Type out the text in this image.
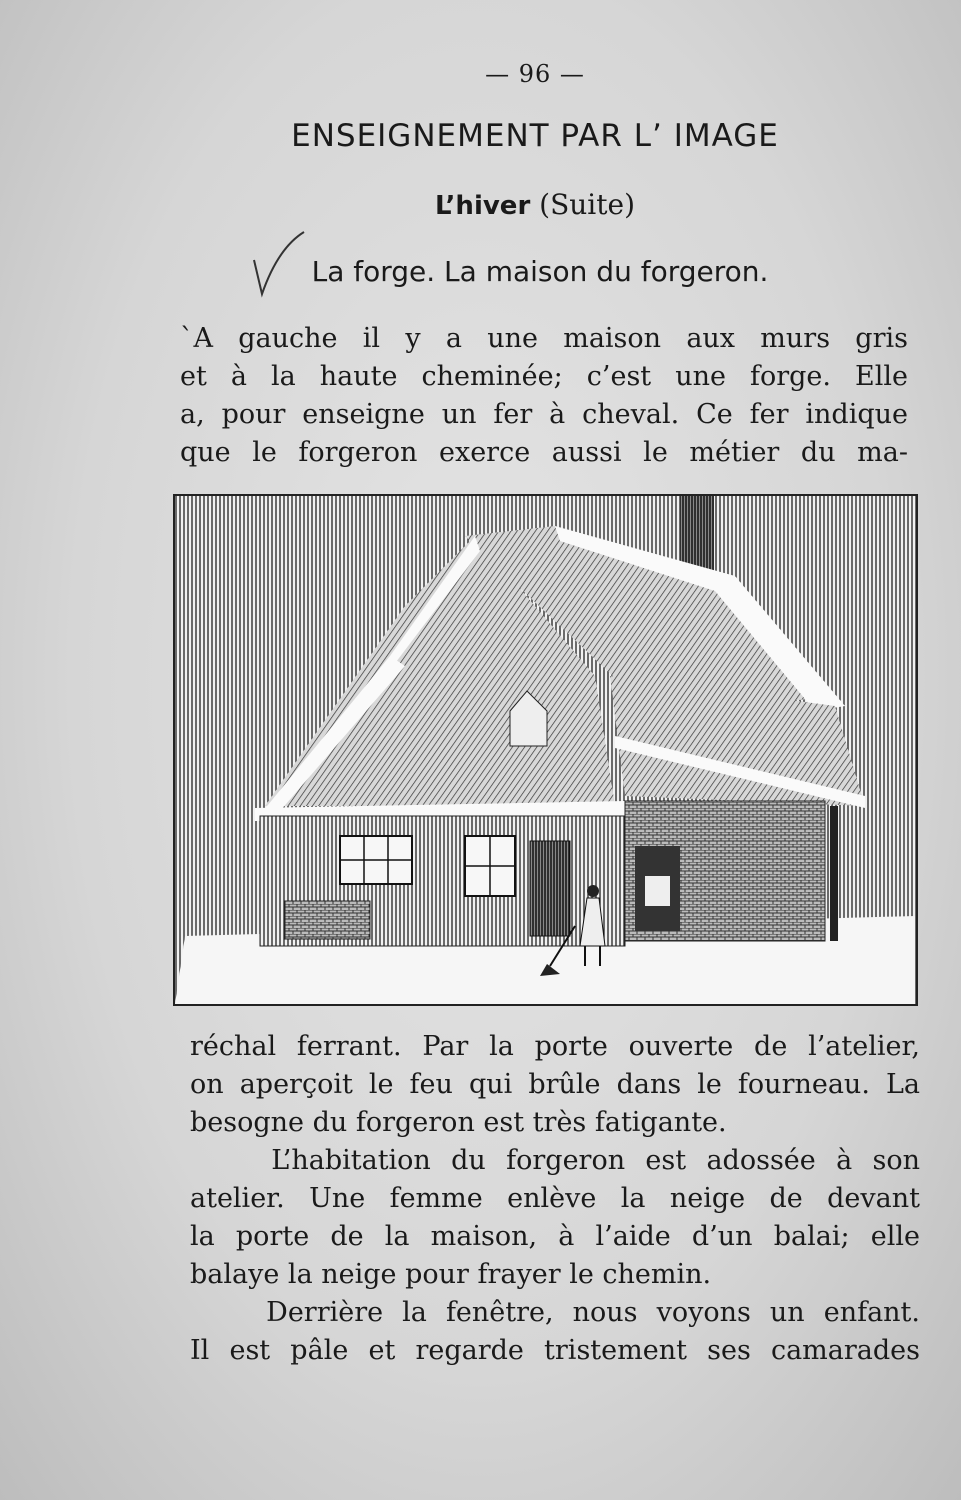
— 96 —
ENSEIGNEMENT PAR L’ IMAGE
L’hiver (Suite)
La forge. La maison du forgeron.
`A gauche il y a une maison aux murs gris
et à la haute cheminée; c’est une forge. Elle
a, pour enseigne un fer à cheval. Ce fer indique
que le forgeron exerce aussi le métier du ma-
réchal ferrant. Par la porte ouverte de l’atelier,
on aperçoit le feu qui brûle dans le fourneau. La
besogne du forgeron est très fatigante.
L’habitation du forgeron est adossée à son
atelier. Une femme enlève la neige de devant
la porte de la maison, à l’aide d’un balai; elle
balaye la neige pour frayer le chemin.
Derrière la fenêtre, nous voyons un enfant.
Il est pâle et regarde tristement ses camarades
